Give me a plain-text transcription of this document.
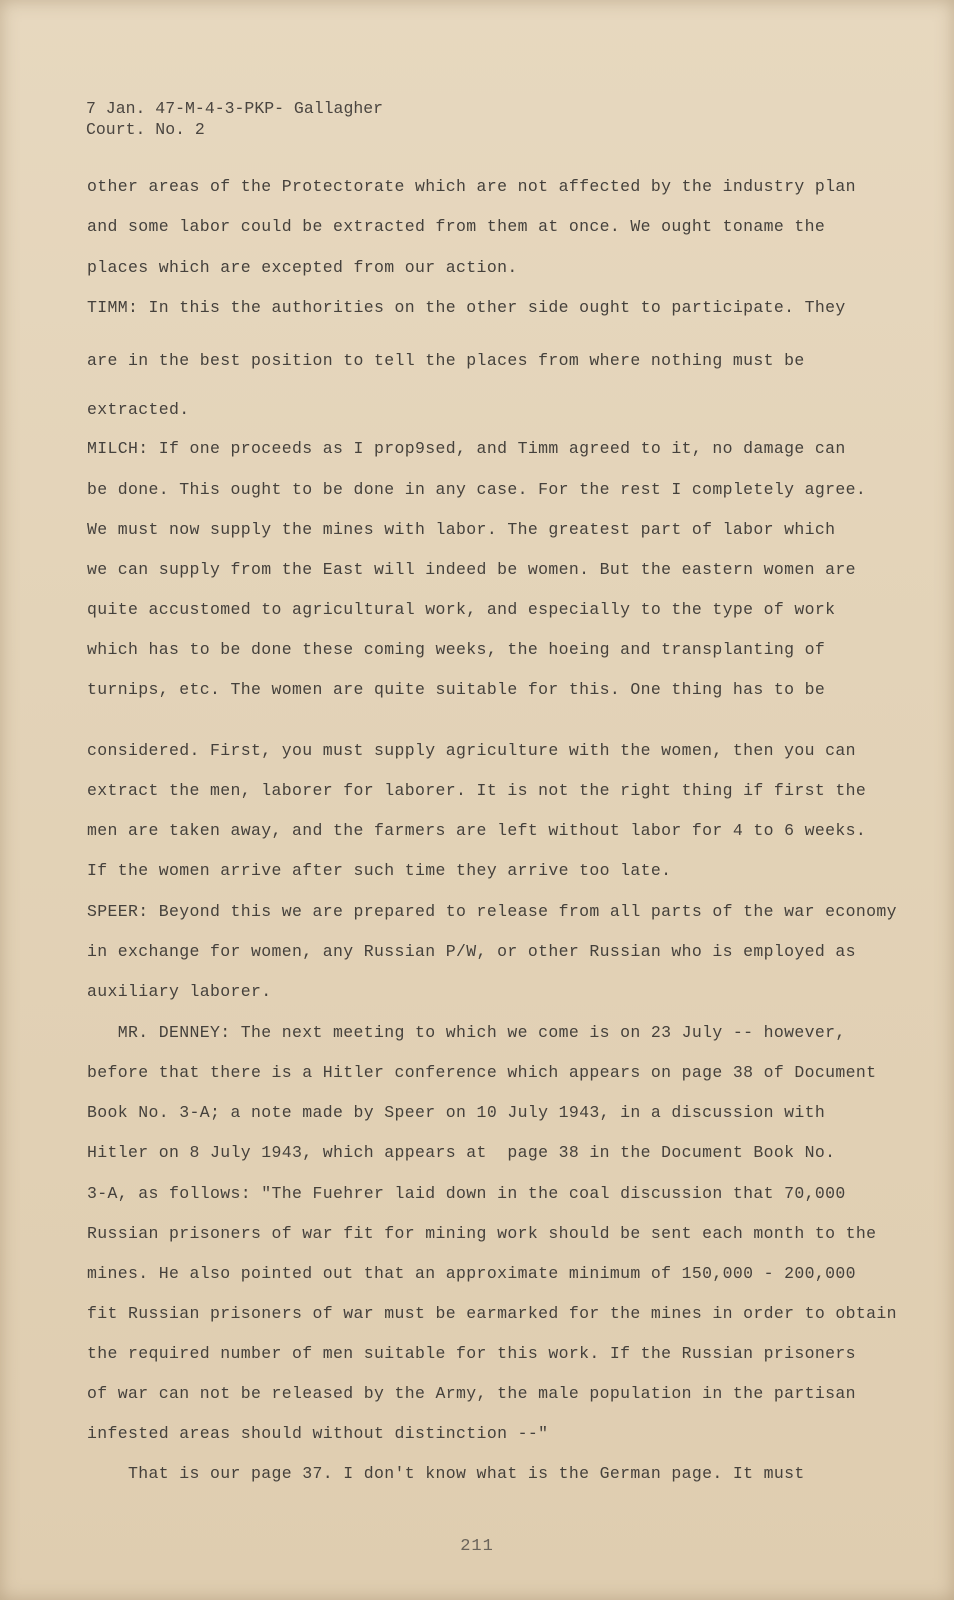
7 Jan. 47-M-4-3-PKP- Gallagher
Court. No. 2
other areas of the Protectorate which are not affected by the industry plan
and some labor could be extracted from them at once. We ought toname the
places which are excepted from our action.
TIMM: In this the authorities on the other side ought to participate. They
are in the best position to tell the places from where nothing must be
extracted.
MILCH: If one proceeds as I prop9sed, and Timm agreed to it, no damage can
be done. This ought to be done in any case. For the rest I completely agree.
We must now supply the mines with labor. The greatest part of labor which
we can supply from the East will indeed be women. But the eastern women are
quite accustomed to agricultural work, and especially to the type of work
which has to be done these coming weeks, the hoeing and transplanting of
turnips, etc. The women are quite suitable for this. One thing has to be
considered. First, you must supply agriculture with the women, then you can
extract the men, laborer for laborer. It is not the right thing if first the
men are taken away, and the farmers are left without labor for 4 to 6 weeks.
If the women arrive after such time they arrive too late.
SPEER: Beyond this we are prepared to release from all parts of the war economy
in exchange for women, any Russian P/W, or other Russian who is employed as
auxiliary laborer.
MR. DENNEY: The next meeting to which we come is on 23 July -- however,
before that there is a Hitler conference which appears on page 38 of Document
Book No. 3-A; a note made by Speer on 10 July 1943, in a discussion with
Hitler on 8 July 1943, which appears at  page 38 in the Document Book No.
3-A, as follows: "The Fuehrer laid down in the coal discussion that 70,000
Russian prisoners of war fit for mining work should be sent each month to the
mines. He also pointed out that an approximate minimum of 150,000 - 200,000
fit Russian prisoners of war must be earmarked for the mines in order to obtain
the required number of men suitable for this work. If the Russian prisoners
of war can not be released by the Army, the male population in the partisan
infested areas should without distinction --"
That is our page 37. I don't know what is the German page. It must
211
